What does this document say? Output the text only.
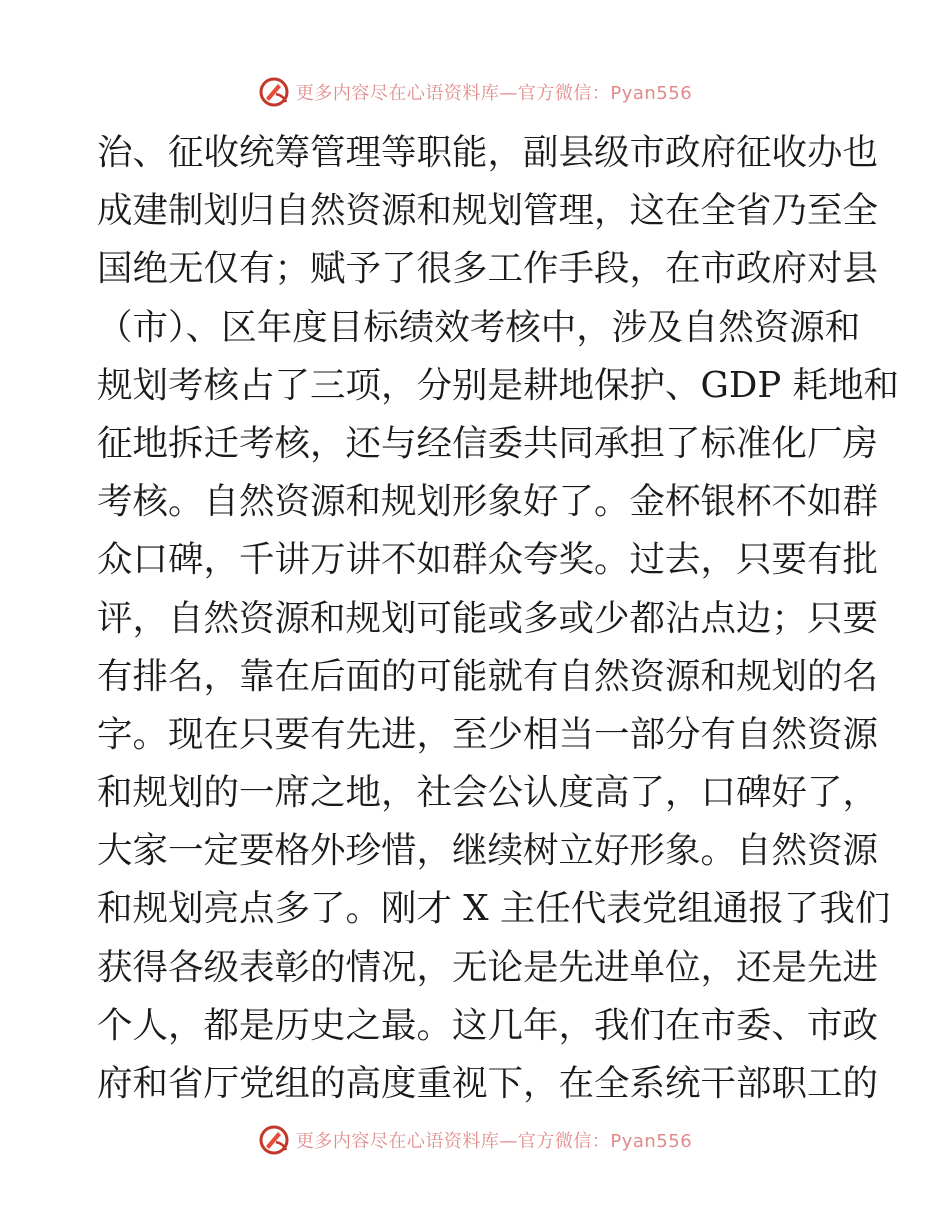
更多内容尽在心语资料库—官方微信：Pyan556
治、征收统筹管理等职能，副县级市政府征收办也
成建制划归自然资源和规划管理，这在全省乃至全
国绝无仅有；赋予了很多工作手段，在市政府对县
（市）、区年度目标绩效考核中，涉及自然资源和
规划考核占了三项，分别是耕地保护、GDP 耗地和
征地拆迁考核，还与经信委共同承担了标准化厂房
考核。自然资源和规划形象好了。金杯银杯不如群
众口碑，千讲万讲不如群众夸奖。过去，只要有批
评，自然资源和规划可能或多或少都沾点边；只要
有排名，靠在后面的可能就有自然资源和规划的名
字。现在只要有先进，至少相当一部分有自然资源
和规划的一席之地，社会公认度高了，口碑好了，
大家一定要格外珍惜，继续树立好形象。自然资源
和规划亮点多了。刚才 X 主任代表党组通报了我们
获得各级表彰的情况，无论是先进单位，还是先进
个人，都是历史之最。这几年，我们在市委、市政
府和省厅党组的高度重视下，在全系统干部职工的
更多内容尽在心语资料库—官方微信：Pyan556
